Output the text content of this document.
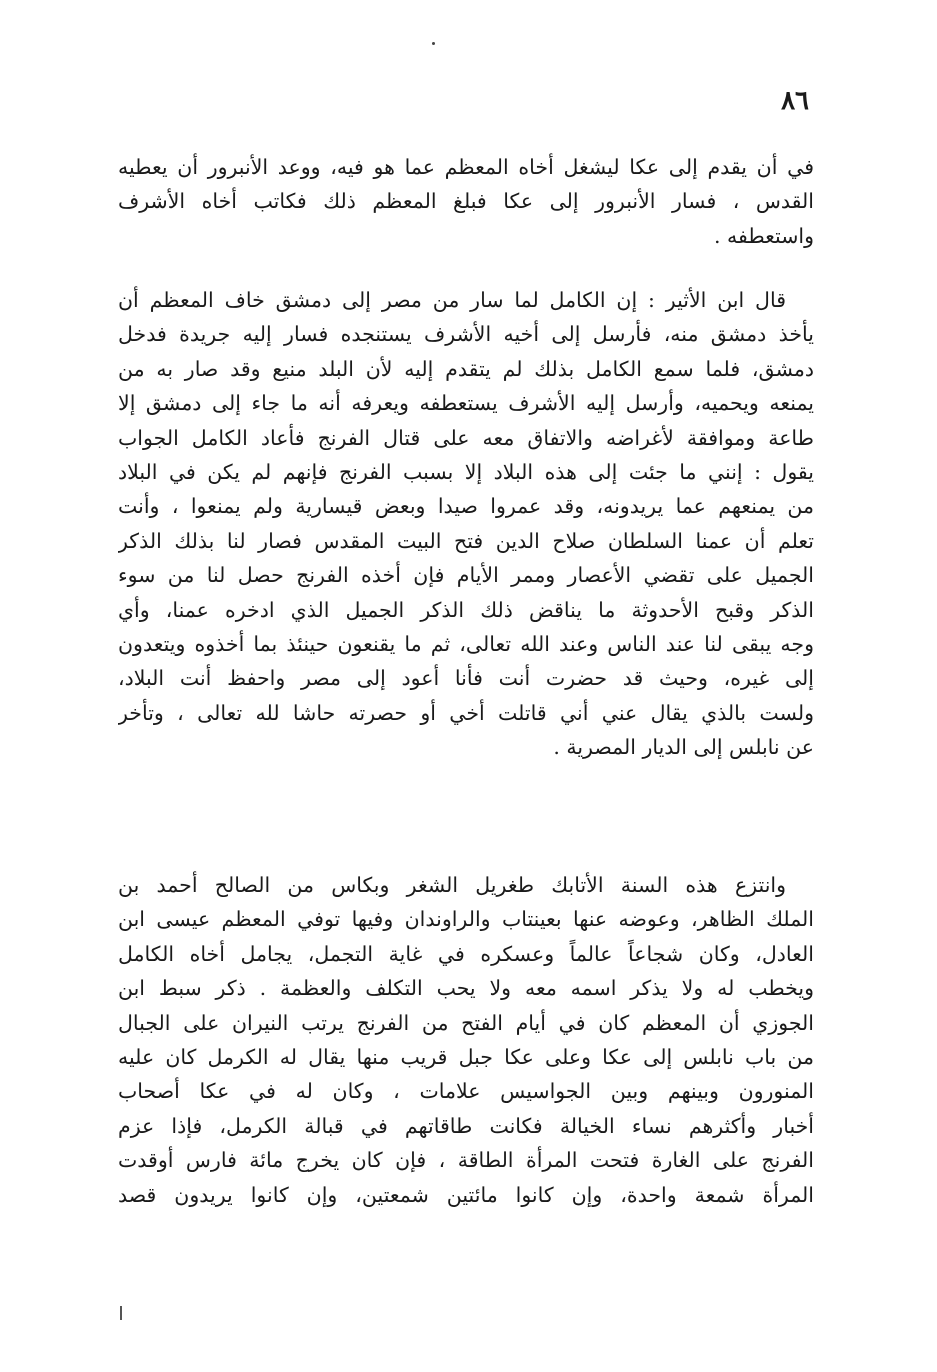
٨٦
في أن يقدم إلى عكا ليشغل أخاه المعظم عما هو فيه، ووعد الأنبرور أن يعطيه
القدس ، فسار الأنبرور إلى عكا فبلغ المعظم ذلك فكاتب أخاه الأشرف
واستعطفه .
قال ابن الأثير : إن الكامل لما سار من مصر إلى دمشق خاف المعظم أن
يأخذ دمشق منه، فأرسل إلى أخيه الأشرف يستنجده فسار إليه جريدة فدخل
دمشق، فلما سمع الكامل بذلك لم يتقدم إليه لأن البلد منيع وقد صار به من
يمنعه ويحميه، وأرسل إليه الأشرف يستعطفه ويعرفه أنه ما جاء إلى دمشق إلا
طاعة وموافقة لأغراضه والاتفاق معه على قتال الفرنج فأعاد الكامل الجواب
يقول : إنني ما جئت إلى هذه البلاد إلا بسبب الفرنج فإنهم لم يكن في البلاد
من يمنعهم عما يريدونه، وقد عمروا صيدا وبعض قيسارية ولم يمنعوا ، وأنت
تعلم أن عمنا السلطان صلاح الدين فتح البيت المقدس فصار لنا بذلك الذكر
الجميل على تقضي الأعصار وممر الأيام فإن أخذه الفرنج حصل لنا من سوء
الذكر وقبح الأحدوثة ما يناقض ذلك الذكر الجميل الذي ادخره عمنا، وأي
وجه يبقى لنا عند الناس وعند الله تعالى، ثم ما يقنعون حينئذ بما أخذوه ويتعدون
إلى غيره، وحيث قد حضرت أنت فأنا أعود إلى مصر واحفظ أنت البلاد،
ولست بالذي يقال عني أني قاتلت أخي أو حصرته حاشا لله تعالى ، وتأخر
عن نابلس إلى الديار المصرية .
وانتزع هذه السنة الأتابك طغريل الشغر وبكاس من الصالح أحمد بن
الملك الظاهر، وعوضه عنها بعينتاب والراوندان وفيها توفي المعظم عيسى ابن
العادل، وكان شجاعاً عالماً وعسكره في غاية التجمل، يجامل أخاه الكامل
ويخطب له ولا يذكر اسمه معه ولا يحب التكلف والعظمة . ذكر سبط ابن
الجوزي أن المعظم كان في أيام الفتح من الفرنج يرتب النيران على الجبال
من باب نابلس إلى عكا وعلى عكا جبل قريب منها يقال له الكرمل كان عليه
المنورون وبينهم وبين الجواسيس علامات ، وكان له في عكا أصحاب
أخبار وأكثرهم نساء الخيالة فكانت طاقاتهم في قبالة الكرمل، فإذا عزم
الفرنج على الغارة فتحت المرأة الطاقة ، فإن كان يخرج مائة فارس أوقدت
المرأة شمعة واحدة، وإن كانوا مائتين شمعتين، وإن كانوا يريدون قصد
